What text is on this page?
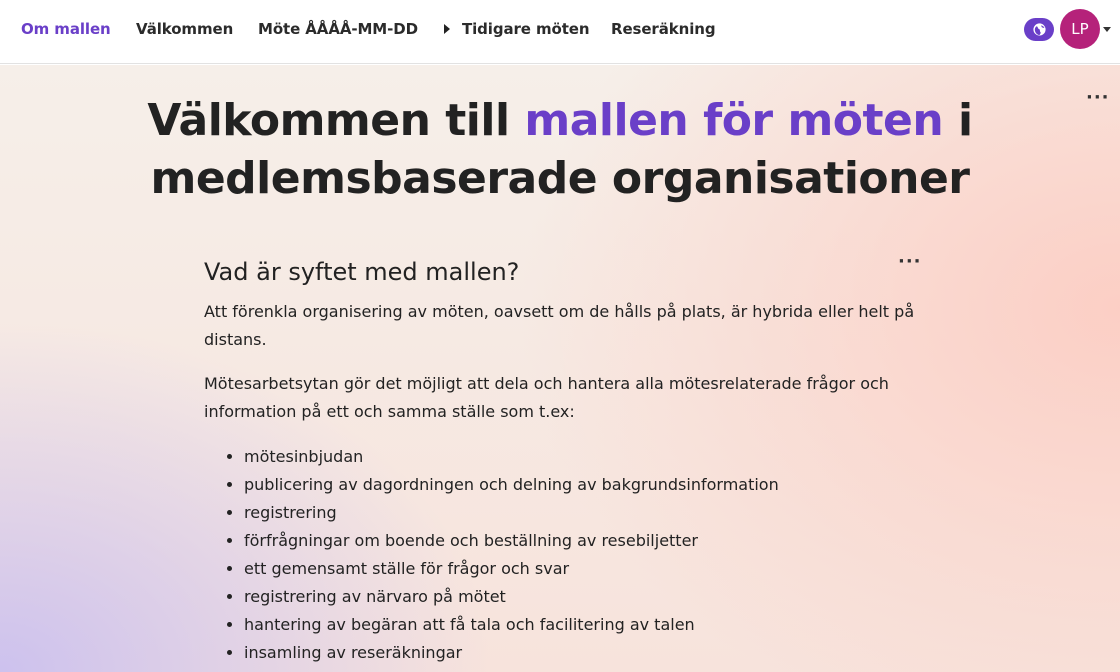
Om mallen Välkommen Möte ÅÅÅÅ-MM-DD	Tidigare möten Reseräkning	LP
···
Välkommen till mallen för möten i medlemsbaserade organisationer
···
Vad är syftet med mallen?
Att förenkla organisering av möten, oavsett om de hålls på plats, är hybrida eller helt på distans.
Mötesarbetsytan gör det möjligt att dela och hantera alla mötesrelaterade frågor och information på ett och samma ställe som t.ex:
• mötesinbjudan
• publicering av dagordningen och delning av bakgrundsinformation
• registrering
• förfrågningar om boende och beställning av resebiljetter
• ett gemensamt ställe för frågor och svar
• registrering av närvaro på mötet
• hantering av begäran att få tala och facilitering av talen
• insamling av reseräkningar
